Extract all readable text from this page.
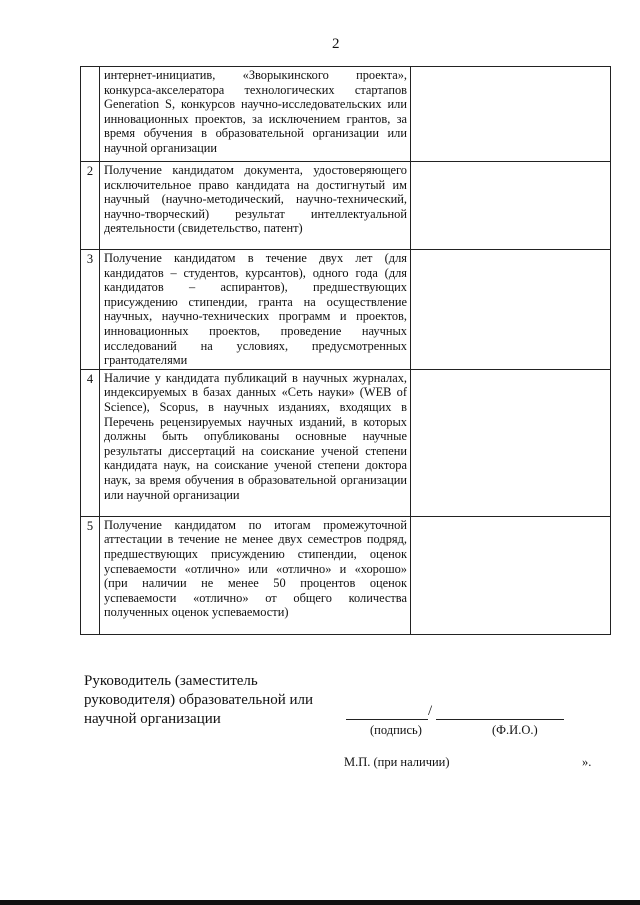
2
	интернет-инициатив, «Зворыкинского проекта», конкурса-акселератора технологических стартапов Generation S, конкурсов научно-исследовательских или инновационных проектов, за исключением грантов, за время обучения в образовательной организации или научной организации	
2	Получение кандидатом документа, удостоверяющего исключительное право кандидата на достигнутый им научный (научно-методический, научно-технический, научно-творческий) результат интеллектуальной деятельности (свидетельство, патент)	
3	Получение кандидатом в течение двух лет (для кандидатов – студентов, курсантов), одного года (для кандидатов – аспирантов), предшествующих присуждению стипендии, гранта на осуществление научных, научно-технических программ и проектов, инновационных проектов, проведение научных исследований на условиях, предусмотренных грантодателями	
4	Наличие у кандидата публикаций в научных журналах, индексируемых в базах данных «Сеть науки» (WEB of Science), Scopus, в научных изданиях, входящих в Перечень рецензируемых научных изданий, в которых должны быть опубликованы основные научные результаты диссертаций на соискание ученой степени кандидата наук, на соискание ученой степени доктора наук, за время обучения в образовательной организации или научной организации	
5	Получение кандидатом по итогам промежуточной аттестации в течение не менее двух семестров подряд, предшествующих присуждению стипендии, оценок успеваемости «отлично» или «отлично» и «хорошо» (при наличии не менее 50 процентов оценок успеваемости «отлично» от общего количества полученных оценок успеваемости)	
Руководитель (заместитель
руководителя) образовательной или
научной организации	/
(подпись)	(Ф.И.О.)
М.П. (при наличии)	».
